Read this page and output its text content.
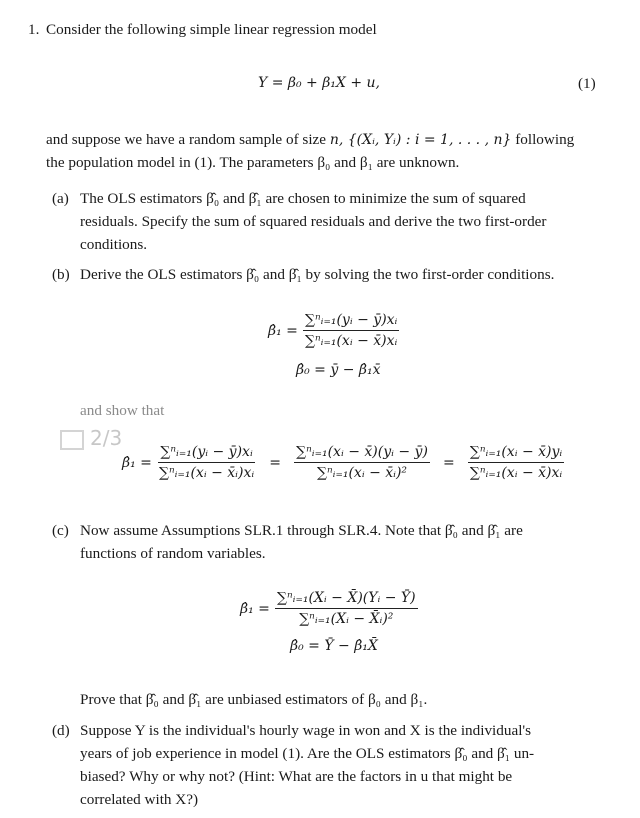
1. Consider the following simple linear regression model
Y = β₀ + β₁X + u,	(1)
and suppose we have a random sample of size n, {(Xᵢ, Yᵢ) : i = 1, . . . , n} following
the population model in (1). The parameters β₀ and β₁ are unknown.
(a) The OLS estimators β̂₀ and β̂₁ are chosen to minimize the sum of squared
residuals. Specify the sum of squared residuals and derive the two first-order
conditions.
(b) Derive the OLS estimators β̂₀ and β̂₁ by solving the two first-order conditions.
β̂₁ = $\frac{\text{∑ⁿᵢ₌₁(yᵢ − ȳ)xᵢ}}{\text{∑ⁿᵢ₌₁(xᵢ − x̄)xᵢ}}$
β̂₀ = ȳ − β̂₁x̄
and show that
2/3
β̂₁ = $\frac{\text{∑ⁿᵢ₌₁(yᵢ − ȳ)xᵢ}}{\text{∑ⁿᵢ₌₁(xᵢ − x̄ᵢ)xᵢ}} = \frac{\text{∑ⁿᵢ₌₁(xᵢ − x̄)(yᵢ − ȳ)}}{\text{∑ⁿᵢ₌₁(xᵢ − x̄ᵢ)²}} = \frac{\text{∑ⁿᵢ₌₁(xᵢ − x̄)yᵢ}}{\text{∑ⁿᵢ₌₁(xᵢ − x̄)xᵢ}}$
(c) Now assume Assumptions SLR.1 through SLR.4. Note that β̂₀ and β̂₁ are
functions of random variables.
β̂₁ = $\frac{\text{∑ⁿᵢ₌₁(Xᵢ − X̄)(Yᵢ − Ȳ)}}{\text{∑ⁿᵢ₌₁(Xᵢ − X̄ᵢ)²}}$
β̂₀ = Ȳ − β̂₁X̄
Prove that β̂₀ and β̂₁ are unbiased estimators of β₀ and β₁.
(d) Suppose Y is the individual's hourly wage in won and X is the individual's
years of job experience in model (1). Are the OLS estimators β̂₀ and β̂₁ un-
biased? Why or why not? (Hint: What are the factors in u that might be
correlated with X?)
